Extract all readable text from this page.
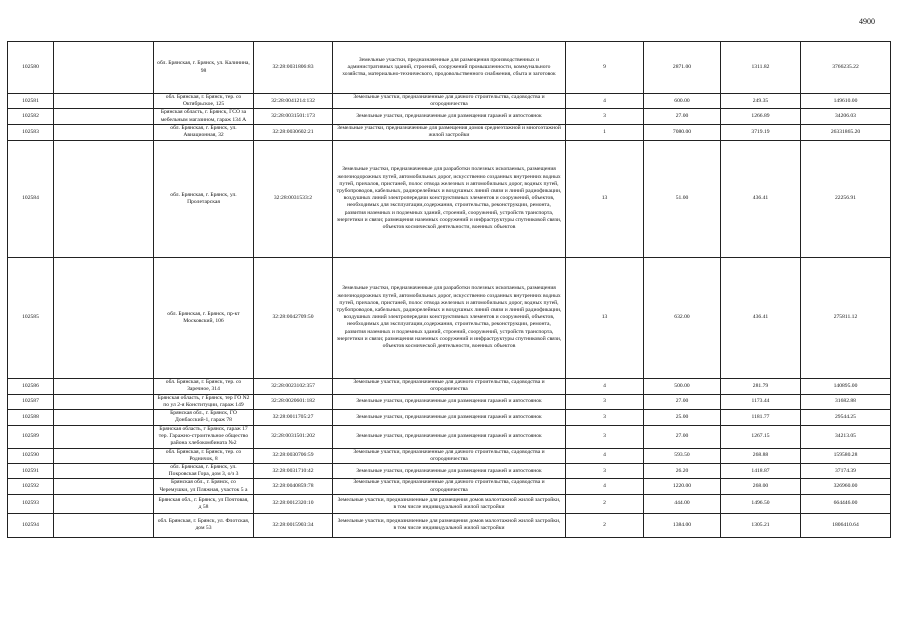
4900
102580		обл. Брянская, г. Брянск, ул. Калинина, 98	32:28:0031806:83	Земельные участки, предназначенные для размещения производственных и административных зданий, строений, сооружений промышленности, коммунального хозяйства, материально-технического, продовольственного снабжения, сбыта и заготовок	9	2871.00	1311.82	3766235.22
102581		обл. Брянская, г. Брянск, тер. со Октябрьское, 125	32:28:0041214:132	Земельные участки, предназначенные для дачного строительства, садоводства и огородничества	4	600.00	249.35	149610.00
102582		Брянская область, г. Брянск, ГСО за мебельным магазином, гараж 134 А	32:28:0031501:173	Земельные участки, предназначенные для размещения гаражей и автостоянок	3	27.00	1266.89	34206.03
102583		обл. Брянская, г. Брянск, ул. Авиационная, 32	32:28:0030602:21	Земельные участки, предназначенные для размещения домов среднеэтажной и многоэтажной жилой застройки	1	7080.00	3719.19	26331865.20
102584		обл. Брянская, г. Брянск, ул. Пролетарская	32:28:0031533:2	Земельные участки, предназначенные для разработки полезных ископаемых, размещения железнодорожных путей, автомобильных дорог, искусственно созданных внутренних водных путей, причалов, пристаней, полос отвода железных и автомобильных дорог, водных путей, трубопроводов, кабельных, радиорелейных и воздушных линий связи и линий радиофикации, воздушных линий электропередачи конструктивных элементов и сооружений, объектов, необходимых для эксплуатации,содержания, строительства, реконструкции, ремонта, развития наземных и подземных зданий, строений, сооружений, устройств транспорта, энергетики и связи; размещения наземных сооружений и инфраструктуры спутниковой связи, объектов космической деятельности, военных объектов	13	51.00	436.41	22256.91
102585		обл. Брянская, г. Брянск, пр-кт Московский, 106	32:28:0042709:50	Земельные участки, предназначенные для разработки полезных ископаемых, размещения железнодорожных путей, автомобильных дорог, искусственно созданных внутренних водных путей, причалов, пристаней, полос отвода железных и автомобильных дорог, водных путей, трубопроводов, кабельных, радиорелейных и воздушных линий связи и линий радиофикации, воздушных линий электропередачи конструктивных элементов и сооружений, объектов, необходимых для эксплуатации,содержания, строительства, реконструкции, ремонта, развития наземных и подземных зданий, строений, сооружений, устройств транспорта, энергетики и связи; размещения наземных сооружений и инфраструктуры спутниковой связи, объектов космической деятельности, военных объектов	13	632.00	436.41	275811.12
102586		обл. Брянская, г. Брянск, тер. со Заречное, 314	32:28:0023102:357	Земельные участки, предназначенные для дачного строительства, садоводства и огородничества	4	500.00	281.79	140895.00
102587		Брянская область, г Брянск, тер ГО N2 по ул 2-я Конституции, гараж 149	32:28:0020601:182	Земельные участки, предназначенные для размещения гаражей и автостоянок	3	27.00	1173.44	31682.88
102588		Брянская обл., г. Брянск, ГО Донбасский-1, гараж 78	32:28:0011705:27	Земельные участки, предназначенные для размещения гаражей и автостоянок	3	25.00	1181.77	29544.25
102589		Брянская область, г Брянск, гараж 17 тер. Гаражно-строительное общество района хлебокомбината №2	32:28:0031501:202	Земельные участки, предназначенные для размещения гаражей и автостоянок	3	27.00	1267.15	34213.05
102590		обл. Брянская, г. Брянск, тер. со Родничок, 8	32:28:0030706:59	Земельные участки, предназначенные для дачного строительства, садоводства и огородничества	4	593.50	268.88	159580.28
102591		обл. Брянская, г. Брянск, ул. Покровская Гора, дом 3, о/з 3	32:28:0031710:42	Земельные участки, предназначенные для размещения гаражей и автостоянок	3	26.20	1418.87	37174.39
102592		Брянская обл., г. Брянск, со Черемушки, ул Пляжная, участок 5 а	32:28:0040859:78	Земельные участки, предназначенные для дачного строительства, садоводства и огородничества	4	1220.00	268.00	326960.00
102593		Брянская обл., г. Брянск, ул Почтовая, д 58	32:28:0012320:10	Земельные участки, предназначенные для размещения домов малоэтажной жилой застройки, в том числе индивидуальной жилой застройки	2	444.00	1496.50	664446.00
102594		обл. Брянская, г. Брянск, ул. Флотская, дом 53	32:28:0015903:34	Земельные участки, предназначенные для размещения домов малоэтажной жилой застройки, в том числе индивидуальной жилой застройки	2	1384.00	1305.21	1806410.64
